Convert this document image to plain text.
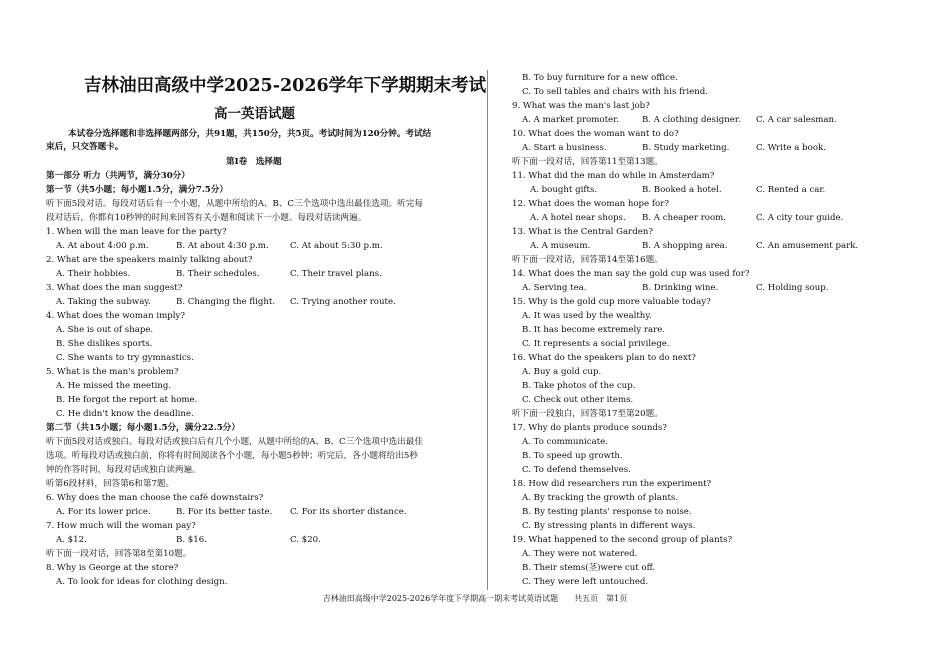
吉林油田高级中学2025-2026学年下学期期末考试
高一英语试题
本试卷分选择题和非选择题两部分，共91题，共150分，共5页。考试时间为120分钟。考试结
束后，只交答题卡。
第Ⅰ卷　选择题
第一部分 听力（共两节，满分30分）
第一节（共5小题；每小题1.5分，满分7.5分）
听下面5段对话。每段对话后有一个小题，从题中所给的A、B、C三个选项中选出最佳选项。听完每
段对话后，你都有10秒钟的时间来回答有关小题和阅读下一小题。每段对话读两遍。
1. When will the man leave for the party?
A. At about 4:00 p.m.	B. At about 4:30 p.m. C. At about 5:30 p.m.
2. What are the speakers mainly talking about?
A. Their hobbies.	B. Their schedules.	C. Their travel plans.
3. What does the man suggest?
A. Taking the subway.	B. Changing the flight. C. Trying another route.
4. What does the woman imply?
A. She is out of shape.
B. She dislikes sports.
C. She wants to try gymnastics.
5. What is the man's problem?
A. He missed the meeting.
B. He forgot the report at home.
C. He didn't know the deadline.
第二节（共15小题；每小题1.5分，满分22.5分）
听下面5段对话或独白。每段对话或独白后有几个小题，从题中所给的A、B、C三个选项中选出最佳
选项。听每段对话或独白前，你将有时间阅读各个小题，每小题5秒钟；听完后，各小题将给出5秒
钟的作答时间，每段对话或独白读两遍。
听第6段材料，回答第6和第7题。
6. Why does the man choose the café downstairs?
A. For its lower price.	B. For its better taste. C. For its shorter distance.
7. How much will the woman pay?
A. $12.	B. $16.	C. $20.
听下面一段对话，回答第8至第10题。
8. Why is George at the store?
A. To look for ideas for clothing design.
B. To buy furniture for a new office.
C. To sell tables and chairs with his friend.
9. What was the man's last job?
A. A market promoter.	B. A clothing designer. C. A car salesman.
10. What does the woman want to do?
A. Start a business.	B. Study marketing.	C. Write a book.
听下面一段对话，回答第11至第13题。
11. What did the man do while in Amsterdam?
A. bought gifts.	B. Booked a hotel.	C. Rented a car.
12. What does the woman hope for?
A. A hotel near shops. B. A cheaper room.	C. A city tour guide.
13. What is the Central Garden?
A. A museum.	B. A shopping area.	C. An amusement park.
听下面一段对话，回答第14至第16题。
14. What does the man say the gold cup was used for?
A. Serving tea.	B. Drinking wine.	C. Holding soup.
15. Why is the gold cup more valuable today?
A. It was used by the wealthy.
B. It has become extremely rare.
C. It represents a social privilege.
16. What do the speakers plan to do next?
A. Buy a gold cup.
B. Take photos of the cup.
C. Check out other items.
听下面一段独白，回答第17至第20题。
17. Why do plants produce sounds?
A. To communicate.
B. To speed up growth.
C. To defend themselves.
18. How did researchers run the experiment?
A. By tracking the growth of plants.
B. By testing plants' response to noise.
C. By stressing plants in different ways.
19. What happened to the second group of plants?
A. They were not watered.
B. Their stems(茎)were cut off.
C. They were left untouched.
吉林油田高级中学2025-2026学年度下学期高一期末考试英语试题　　共五页　第1页
